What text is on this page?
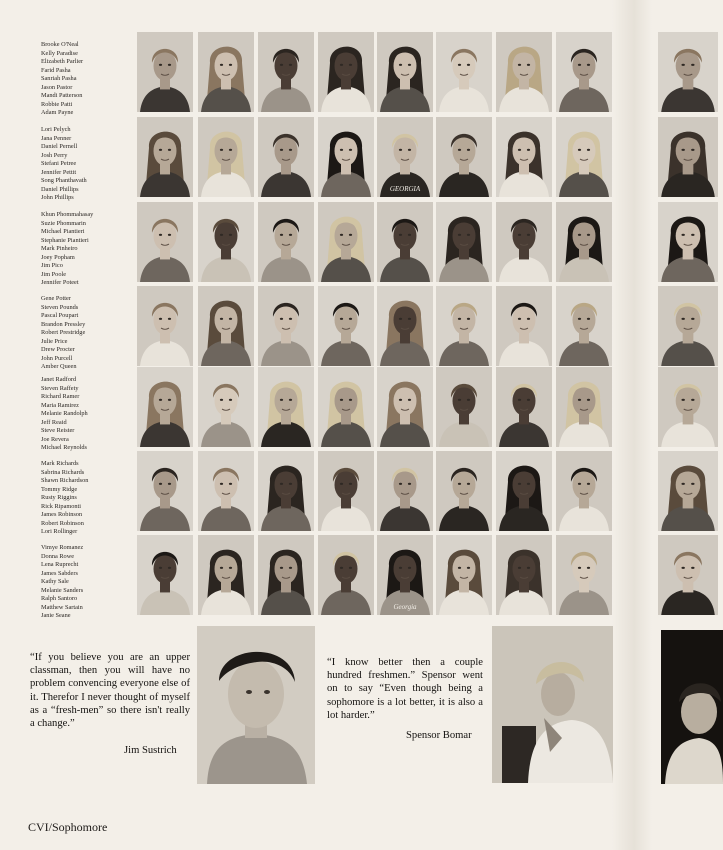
Brooke O'Neal
Kelly Paradise
Elizabeth Parlier
Farid Pasha
Sanriah Pasha
Jason Pastor
Mandi Patterson
Robbie Patti
Adam Payne
Lori Pelych
Jana Penner
Daniel Pernell
Josh Perry
Stefani Petree
Jennifer Pettit
Song Phanthavath
Daniel Phillips
John Phillips
Khun Phommahasay
Suzie Phommarin
Michael Piantieri
Stephanie Piantieri
Mark Pinheiro
Joey Popham
Jim Pico
Jim Poole
Jennifer Poteet
Gene Potter
Steven Pounds
Pascal Poupart
Brandon Pressley
Robert Prestridge
Julie Price
Drew Procter
John Purcell
Amber Queen
Janet Radford
Steven Raffety
Richard Ramer
Maria Ramirez
Melanie Randolph
Jeff Reaid
Steve Reister
Joe Revera
Michael Reynolds
Mark Richards
Sabrina Richards
Shawn Richardson
Tommy Ridge
Rusty Riggins
Rick Ripamonti
James Robinson
Robert Robinson
Lori Rollinger
Vimye Romanez
Donna Rowe
Lena Ruprecht
James Sabders
Kathy Sale
Melanie Sanders
Ralph Santoro
Matthew Sartain
Janie Seane
GEORGIA
Georgia

“If you believe you are an upper classman, then you will have no problem convencing everyone else of it. Therefor I never thought of myself as a “fresh-men” so there isn't really a change.”

Jim Sustrich

“I know better then a couple hundred freshmen.” Spensor went on to say “Even though being a sophomore is a lot better, it is also a lot harder.”

Spensor Bomar
CVI/Sophomore
